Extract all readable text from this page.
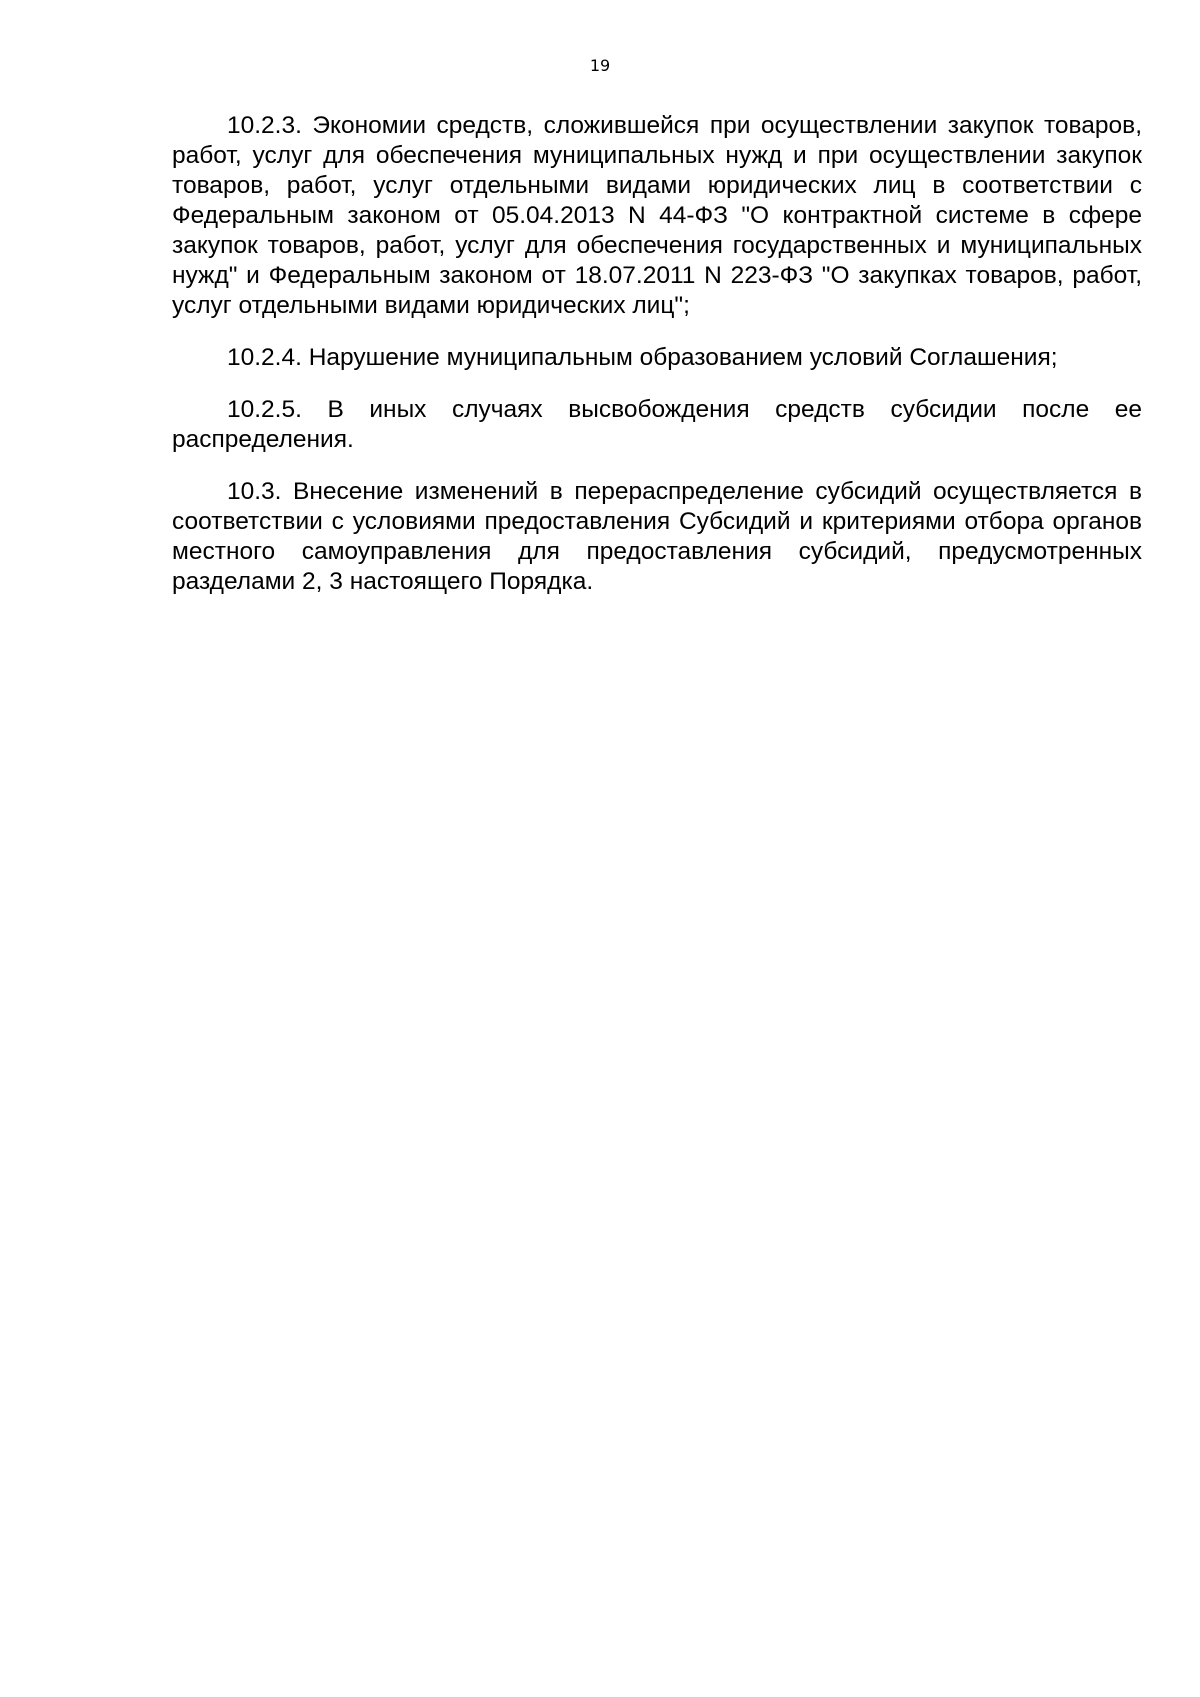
19

10.2.3. Экономии средств, сложившейся при осуществлении закупок товаров, работ, услуг для обеспечения муниципальных нужд и при осуществлении закупок товаров, работ, услуг отдельными видами юридических лиц в соответствии с Федеральным законом от 05.04.2013 N 44-ФЗ "О контрактной системе в сфере закупок товаров, работ, услуг для обеспечения государственных и муниципальных нужд" и Федеральным законом от 18.07.2011 N 223-ФЗ "О закупках товаров, работ, услуг отдельными видами юридических лиц";

10.2.4. Нарушение муниципальным образованием условий Соглашения;

10.2.5. В иных случаях высвобождения средств субсидии после ее распределения.

10.3. Внесение изменений в перераспределение субсидий осуществляется в соответствии с условиями предоставления Субсидий и критериями отбора органов местного самоуправления для предоставления субсидий, предусмотренных разделами 2, 3 настоящего Порядка.
